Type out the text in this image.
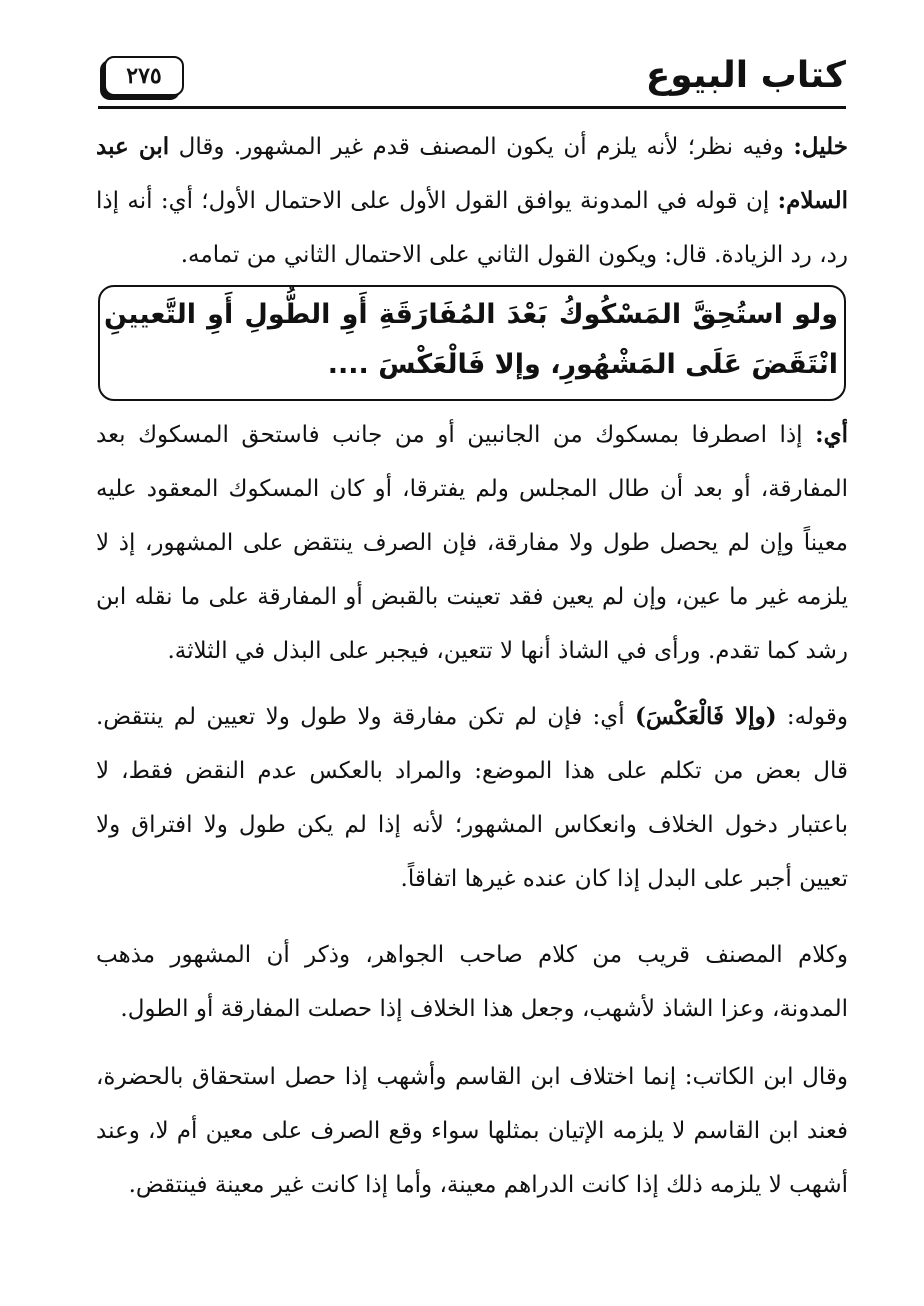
كتاب البيوع
٢٧٥

خليل: وفيه نظر؛ لأنه يلزم أن يكون المصنف قدم غير المشهور. وقال ابن عبد السلام: إن قوله في المدونة يوافق القول الأول على الاحتمال الأول؛ أي: أنه إذا رد، رد الزيادة. قال: ويكون القول الثاني على الاحتمال الثاني من تمامه.

ولو استُحِقَّ المَسْكُوكُ بَعْدَ المُفَارَقَةِ أَوِ الطُّولِ أَوِ التَّعيينِ انْتَقَضَ عَلَى المَشْهُورِ، وإلا فَالْعَكْسَ ....

أي: إذا اصطرفا بمسكوك من الجانبين أو من جانب فاستحق المسكوك بعد المفارقة، أو بعد أن طال المجلس ولم يفترقا، أو كان المسكوك المعقود عليه معيناً وإن لم يحصل طول ولا مفارقة، فإن الصرف ينتقض على المشهور، إذ لا يلزمه غير ما عين، وإن لم يعين فقد تعينت بالقبض أو المفارقة على ما نقله ابن رشد كما تقدم. ورأى في الشاذ أنها لا تتعين، فيجبر على البذل في الثلاثة.

وقوله: (وإلا فَالْعَكْسَ) أي: فإن لم تكن مفارقة ولا طول ولا تعيين لم ينتقض. قال بعض من تكلم على هذا الموضع: والمراد بالعكس عدم النقض فقط، لا باعتبار دخول الخلاف وانعكاس المشهور؛ لأنه إذا لم يكن طول ولا افتراق ولا تعيين أجبر على البدل إذا كان عنده غيرها اتفاقاً.

وكلام المصنف قريب من كلام صاحب الجواهر، وذكر أن المشهور مذهب المدونة، وعزا الشاذ لأشهب، وجعل هذا الخلاف إذا حصلت المفارقة أو الطول.

وقال ابن الكاتب: إنما اختلاف ابن القاسم وأشهب إذا حصل استحقاق بالحضرة، فعند ابن القاسم لا يلزمه الإتيان بمثلها سواء وقع الصرف على معين أم لا، وعند أشهب لا يلزمه ذلك إذا كانت الدراهم معينة، وأما إذا كانت غير معينة فينتقض.
